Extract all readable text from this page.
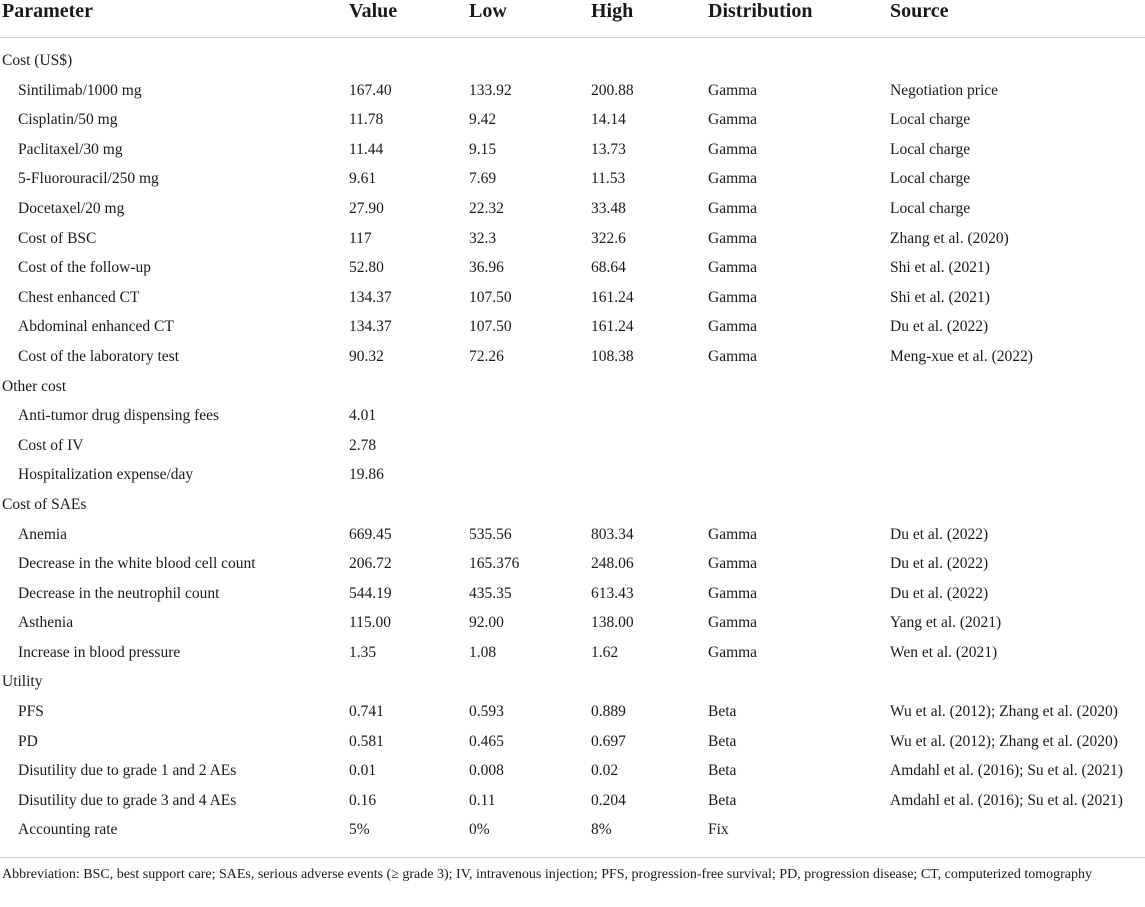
Parameter	Value	Low	High	Distribution	Source
Cost (US$)					
Sintilimab/1000 mg	167.40	133.92	200.88	Gamma	Negotiation price
Cisplatin/50 mg	11.78	9.42	14.14	Gamma	Local charge
Paclitaxel/30 mg	11.44	9.15	13.73	Gamma	Local charge
5-Fluorouracil/250 mg	9.61	7.69	11.53	Gamma	Local charge
Docetaxel/20 mg	27.90	22.32	33.48	Gamma	Local charge
Cost of BSC	117	32.3	322.6	Gamma	Zhang et al. (2020)
Cost of the follow-up	52.80	36.96	68.64	Gamma	Shi et al. (2021)
Chest enhanced CT	134.37	107.50	161.24	Gamma	Shi et al. (2021)
Abdominal enhanced CT	134.37	107.50	161.24	Gamma	Du et al. (2022)
Cost of the laboratory test	90.32	72.26	108.38	Gamma	Meng-xue et al. (2022)
Other cost					
Anti-tumor drug dispensing fees	4.01				
Cost of IV	2.78				
Hospitalization expense/day	19.86				
Cost of SAEs					
Anemia	669.45	535.56	803.34	Gamma	Du et al. (2022)
Decrease in the white blood cell count	206.72	165.376	248.06	Gamma	Du et al. (2022)
Decrease in the neutrophil count	544.19	435.35	613.43	Gamma	Du et al. (2022)
Asthenia	115.00	92.00	138.00	Gamma	Yang et al. (2021)
Increase in blood pressure	1.35	1.08	1.62	Gamma	Wen et al. (2021)
Utility					
PFS	0.741	0.593	0.889	Beta	Wu et al. (2012); Zhang et al. (2020)
PD	0.581	0.465	0.697	Beta	Wu et al. (2012); Zhang et al. (2020)
Disutility due to grade 1 and 2 AEs	0.01	0.008	0.02	Beta	Amdahl et al. (2016); Su et al. (2021)
Disutility due to grade 3 and 4 AEs	0.16	0.11	0.204	Beta	Amdahl et al. (2016); Su et al. (2021)
Accounting rate	5%	0%	8%	Fix	
Abbreviation: BSC, best support care; SAEs, serious adverse events (≥ grade 3); IV, intravenous injection; PFS, progression-free survival; PD, progression disease; CT, computerized tomography
